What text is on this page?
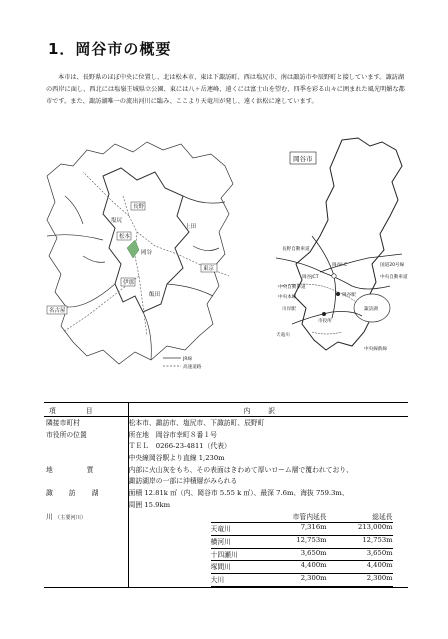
1．岡谷市の概要
本市は、長野県のほぼ中央に位置し、北は松本市、東は下諏訪町、西は塩尻市、南は諏訪市や辰野町と接しています。諏訪湖の西岸に面し、西北には塩嶺王城県立公園、東には八ヶ岳連峰、遠くには富士山を望む、四季を彩る山々に囲まれた風光明媚な都市です。また、諏訪湖唯一の流出河川に臨み、ここより天竜川が発し、遠く浜松に達しています。
長野
塩尻
松本
岡谷
伊那
飯田
上田
東京
名古屋
JR線
高速道路
岡谷市
長野自動車道
岡谷I.C
岡谷JCT
岡谷駅
中央自動車道
中央本線
国道20号線
川岸駅	諏訪湖
天竜川
中央自動車道
中央線新線
市役所
項目	内訳
隣接市町村	松本市、諏訪市、塩尻市、下諏訪町、辰野町
市役所の位置	所在地　岡谷市幸町８番１号
	ＴＥＬ　0266-23-4811（代表）
	中央線岡谷駅より直線 1,230m
地質	内部に火山灰をもち、その表面はきわめて厚いローム層で覆われており、
	諏訪湖岸の一部に沖積層がみられる
諏訪湖	面積 12.81k ㎡（内、岡谷市 5.55 k ㎡）、最深 7.6m、海抜 759.3m、
	周囲 15.9km
川 （主要河川）	
		市管内延長	総延長
天竜川	7,316m	213,000m
横河川	12,753m	12,753m
十四瀬川	3,650m	3,650m
塚間川	4,400m	4,400m
大川	2,300m	2,300m
